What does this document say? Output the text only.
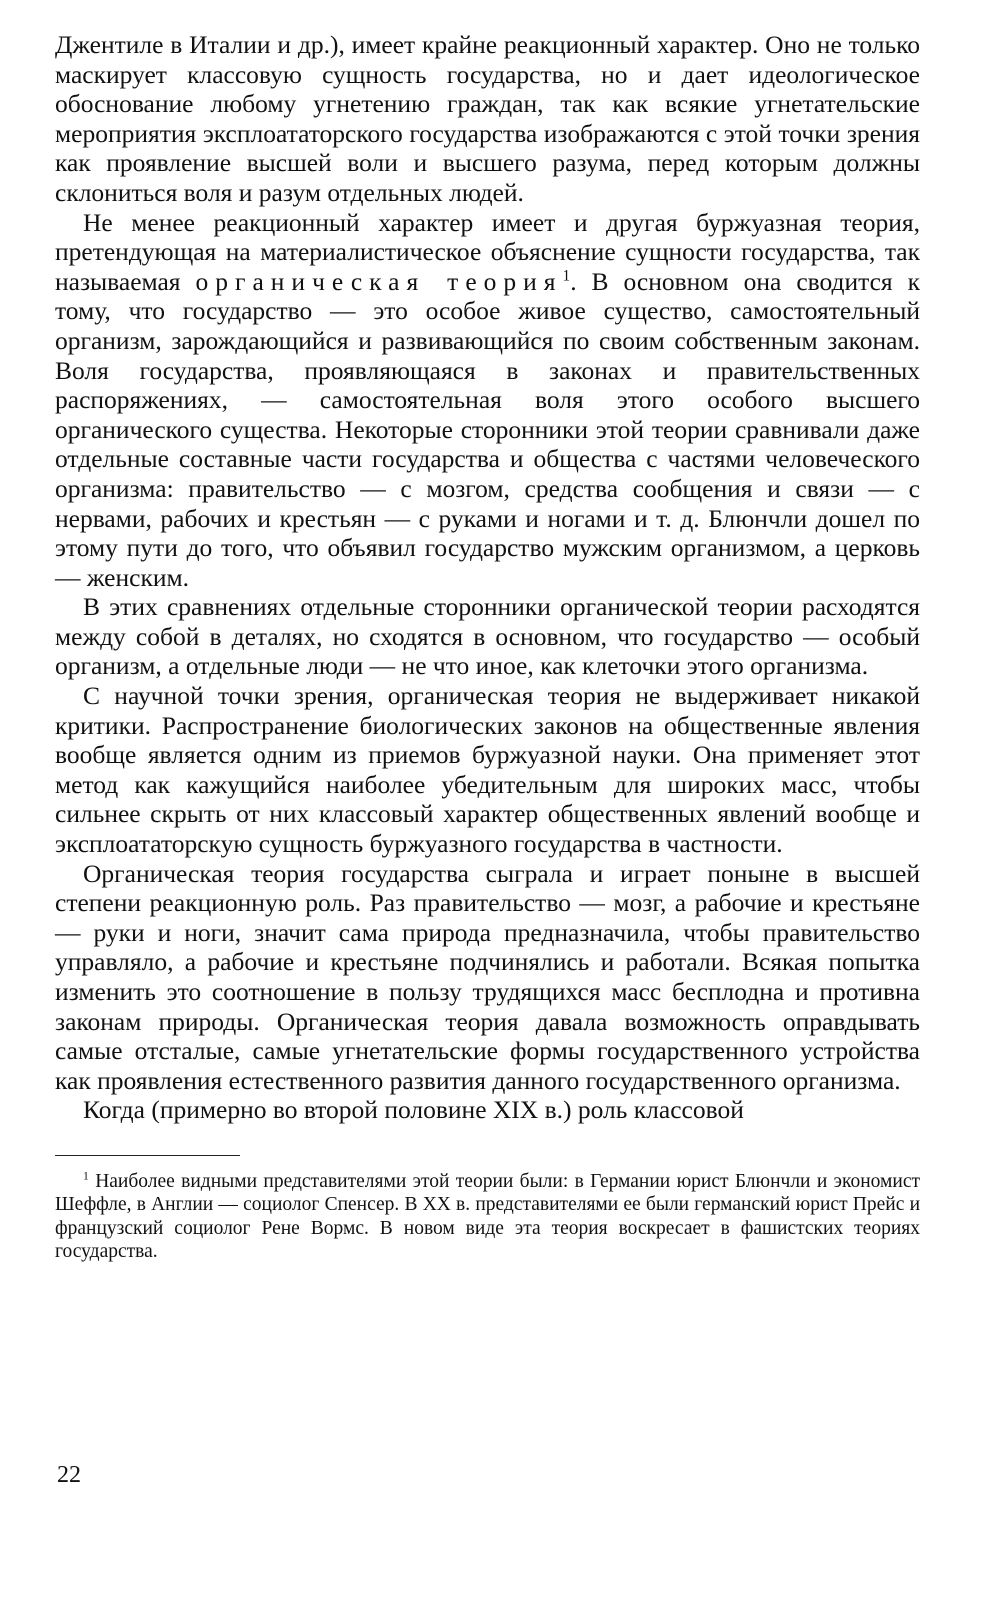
Джентиле в Италии и др.), имеет крайне реакционный характер. Оно не только маскирует классовую сущность государства, но и дает идеологическое обоснование любому угнетению граждан, так как всякие угнетательские мероприятия эксплоататорского государства изображаются с этой точки зрения как проявление высшей воли и высшего разума, перед которым должны склониться воля и разум отдельных людей.

Не менее реакционный характер имеет и другая буржуазная теория, претендующая на материалистическое объяснение сущности государства, так называемая органическая теория$^1$. В основном она сводится к тому, что государство — это особое живое существо, самостоятельный организм, зарождающийся и развивающийся по своим собственным законам. Воля государства, проявляющаяся в законах и правительственных распоряжениях, — самостоятельная воля этого особого высшего органического существа. Некоторые сторонники этой теории сравнивали даже отдельные составные части государства и общества с частями человеческого организма: правительство — с мозгом, средства сообщения и связи — с нервами, рабочих и крестьян — с руками и ногами и т. д. Блюнчли дошел по этому пути до того, что объявил государство мужским организмом, а церковь — женским.

В этих сравнениях отдельные сторонники органической теории расходятся между собой в деталях, но сходятся в основном, что государство — особый организм, а отдельные люди — не что иное, как клеточки этого организма.

С научной точки зрения, органическая теория не выдерживает никакой критики. Распространение биологических законов на общественные явления вообще является одним из приемов буржуазной науки. Она применяет этот метод как кажущийся наиболее убедительным для широких масс, чтобы сильнее скрыть от них классовый характер общественных явлений вообще и эксплоататорскую сущность буржуазного государства в частности.

Органическая теория государства сыграла и играет поныне в высшей степени реакционную роль. Раз правительство — мозг, а рабочие и крестьяне — руки и ноги, значит сама природа предназначила, чтобы правительство управляло, а рабочие и крестьяне подчинялись и работали. Всякая попытка изменить это соотношение в пользу трудящихся масс бесплодна и противна законам природы. Органическая теория давала возможность оправдывать самые отсталые, самые угнетательские формы государственного устройства как проявления естественного развития данного государственного организма.

Когда (примерно во второй половине XIX в.) роль классовой

$^1$ Наиболее видными представителями этой теории были: в Германии юрист Блюнчли и экономист Шеффле, в Англии — социолог Спенсер. В XX в. представителями ее были германский юрист Прейс и французский социолог Рене Вормс. В новом виде эта теория воскресает в фашистских теориях государства.

22
